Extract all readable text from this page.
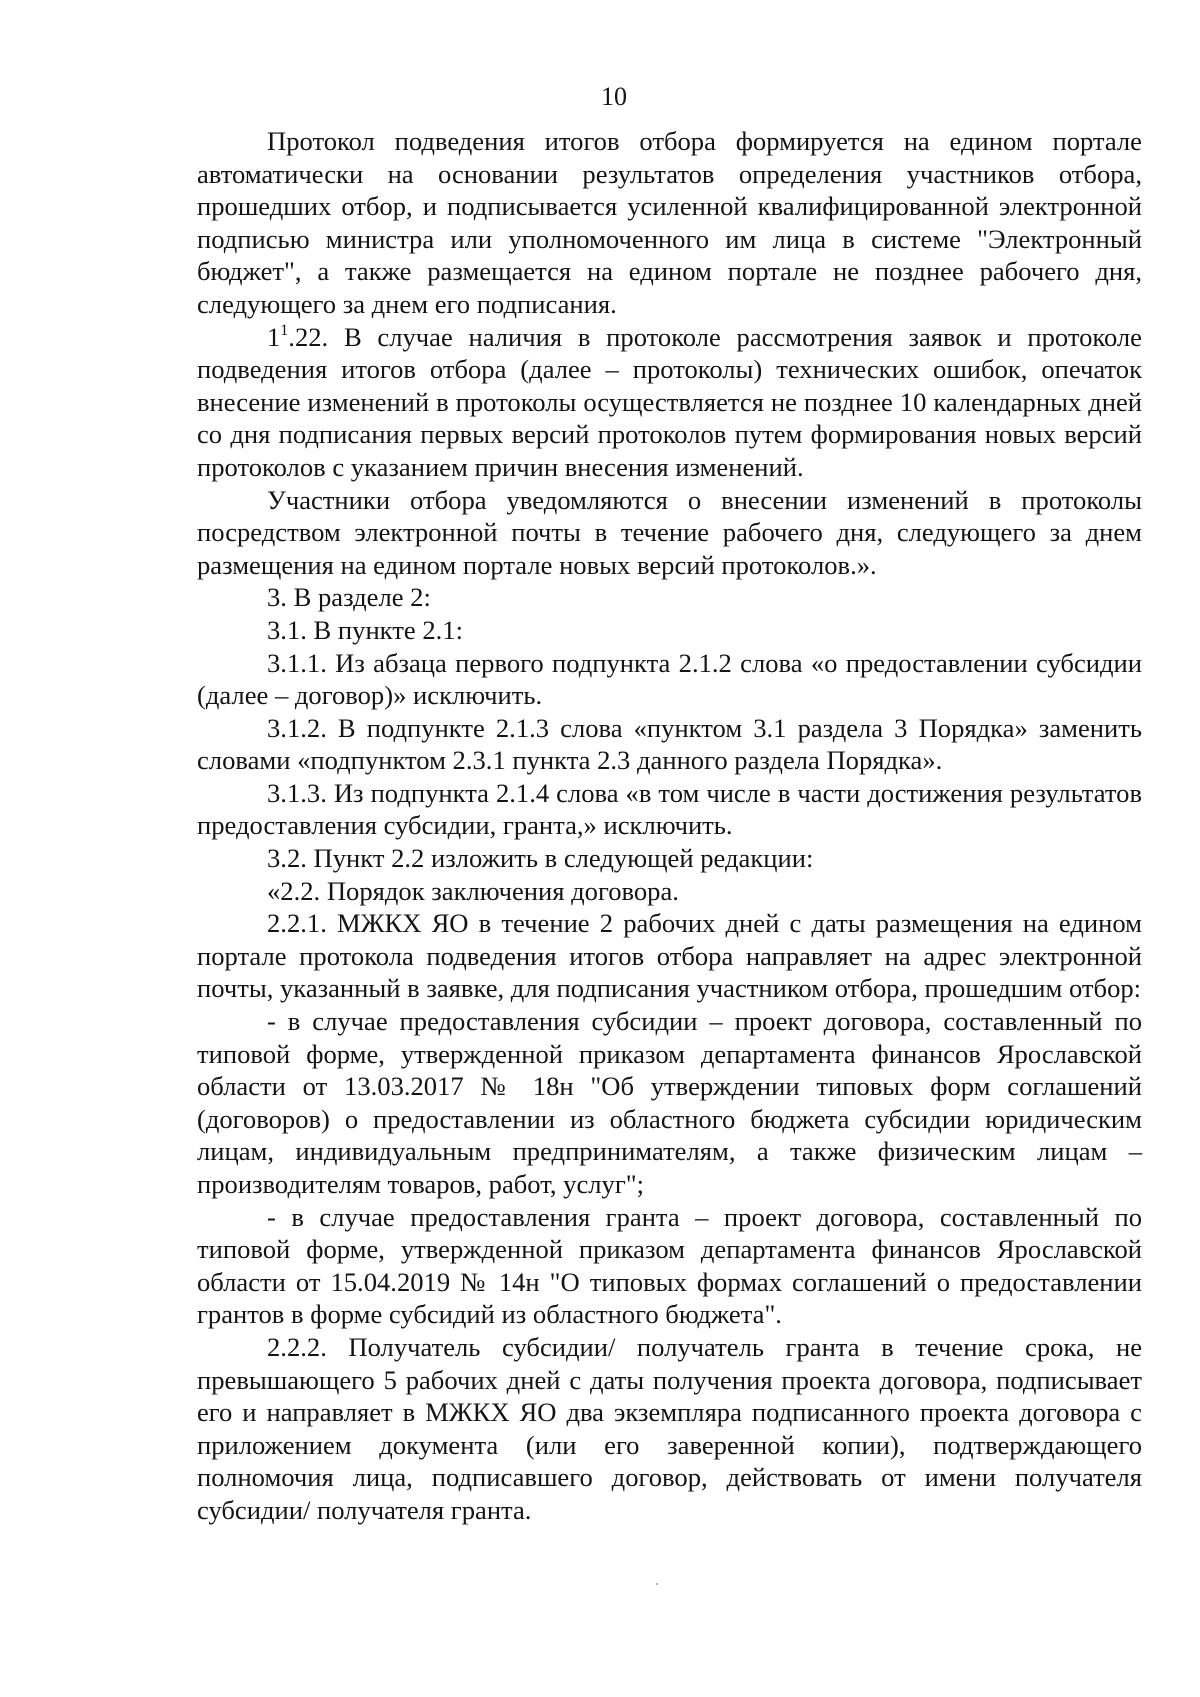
10

Протокол подведения итогов отбора формируется на едином портале автоматически на основании результатов определения участников отбора, прошедших отбор, и подписывается усиленной квалифицированной электронной подписью министра или уполномоченного им лица в системе "Электронный бюджет", а также размещается на едином портале не позднее рабочего дня, следующего за днем его подписания.

$1^1.22$. В случае наличия в протоколе рассмотрения заявок и протоколе подведения итогов отбора (далее – протоколы) технических ошибок, опечаток внесение изменений в протоколы осуществляется не позднее 10 календарных дней со дня подписания первых версий протоколов путем формирования новых версий протоколов с указанием причин внесения изменений.

Участники отбора уведомляются о внесении изменений в протоколы посредством электронной почты в течение рабочего дня, следующего за днем размещения на едином портале новых версий протоколов.».

3. В разделе 2:

3.1. В пункте 2.1:

3.1.1. Из абзаца первого подпункта 2.1.2 слова «о предоставлении субсидии (далее – договор)» исключить.

3.1.2. В подпункте 2.1.3 слова «пунктом 3.1 раздела 3 Порядка» заменить словами «подпунктом 2.3.1 пункта 2.3 данного раздела Порядка».

3.1.3. Из подпункта 2.1.4 слова «в том числе в части достижения результатов предоставления субсидии, гранта,» исключить.

3.2. Пункт 2.2 изложить в следующей редакции:

«2.2. Порядок заключения договора.

2.2.1. МЖКХ ЯО в течение 2 рабочих дней с даты размещения на едином портале протокола подведения итогов отбора направляет на адрес электронной почты, указанный в заявке, для подписания участником отбора, прошедшим отбор:

- в случае предоставления субсидии – проект договора, составленный по типовой форме, утвержденной приказом департамента финансов Ярославской области от 13.03.2017 № 18н "Об утверждении типовых форм соглашений (договоров) о предоставлении из областного бюджета субсидии юридическим лицам, индивидуальным предпринимателям, а также физическим лицам – производителям товаров, работ, услуг";

- в случае предоставления гранта – проект договора, составленный по типовой форме, утвержденной приказом департамента финансов Ярославской области от 15.04.2019 № 14н "О типовых формах соглашений о предоставлении грантов в форме субсидий из областного бюджета".

2.2.2. Получатель субсидии/ получатель гранта в течение срока, не превышающего 5 рабочих дней с даты получения проекта договора, подписывает его и направляет в МЖКХ ЯО два экземпляра подписанного проекта договора с приложением документа (или его заверенной копии), подтверждающего полномочия лица, подписавшего договор, действовать от имени получателя субсидии/ получателя гранта.
